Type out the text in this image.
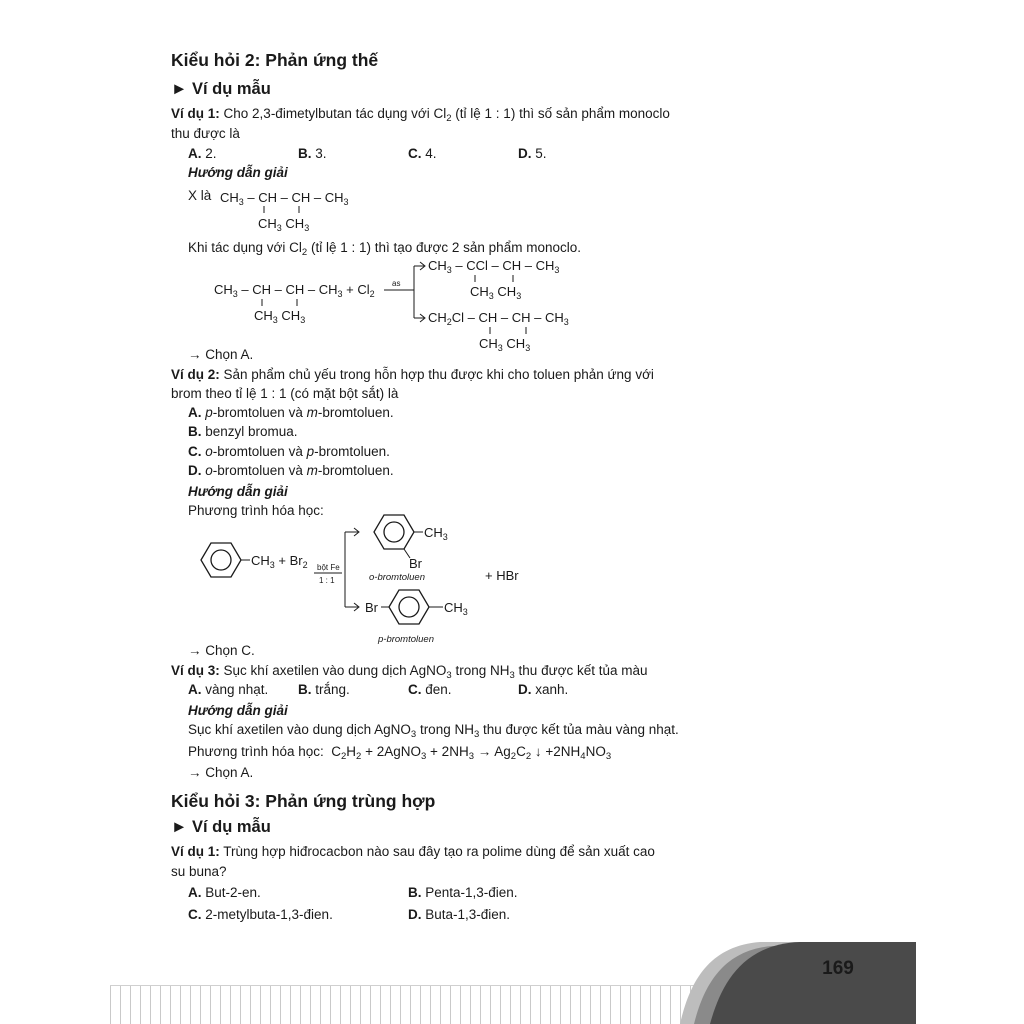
Kiểu hỏi 2: Phản ứng thế
► Ví dụ mẫu
Ví dụ 1: Cho 2,3-đimetylbutan tác dụng với $Cl_2$ (tỉ lệ 1 : 1) thì số sản phẩm monoclo
thu được là
A. 2.	B. 3.	C. 4.	D. 5.
Hướng dẫn giải
X là $CH_3$ – CH – CH – $CH_3$
$CH_3$ $CH_3$
Khi tác dụng với $Cl_2$ (tỉ lệ 1 : 1) thì tạo được 2 sản phẩm monoclo.
$CH_3$ – CH – CH – $CH_3 + Cl_2$
$CH_3$ $CH_3$
as
$CH_3$ – CCl – CH – $CH_3$
$CH_3$ $CH_3$
$CH_2Cl$ – CH – CH – $CH_3$
$CH_3$ $CH_3$
→ Chọn A.
Ví dụ 2: Sản phẩm chủ yếu trong hỗn hợp thu được khi cho toluen phản ứng với
brom theo tỉ lệ 1 : 1 (có mặt bột sắt) là
A. p-bromtoluen và m-bromtoluen.
B. benzyl bromua.
C. o-bromtoluen và p-bromtoluen.
D. o-bromtoluen và m-bromtoluen.
Hướng dẫn giải
Phương trình hóa học:
$CH_3 + Br_2$ bột Fe
1 : 1
$CH_3$
Br
o-bromtoluen	+ HBr
Br	$CH_3$
p-bromtoluen
→ Chọn C.
Ví dụ 3: Sục khí axetilen vào dung dịch AgNO$_3$ trong $NH_3$ thu được kết tủa màu
A. vàng nhạt. B. trắng.	C. đen.	D. xanh.
Hướng dẫn giải
Sục khí axetilen vào dung dịch AgNO$_3$ trong $NH_3$ thu được kết tủa màu vàng nhạt.
Phương trình hóa học:  $C_2H_2$ + 2AgNO$_3$ + $2NH_3 \to Ag_2C_2$ ↓ $+2NH_4NO_3$
→ Chọn A.
Kiểu hỏi 3: Phản ứng trùng hợp
► Ví dụ mẫu
Ví dụ 1: Trùng hợp hiđrocacbon nào sau đây tạo ra polime dùng để sản xuất cao
su buna?
A. But-2-en.	B. Penta-1,3-đien.
C. 2-metylbuta-1,3-đien.	D. Buta-1,3-đien.
169
